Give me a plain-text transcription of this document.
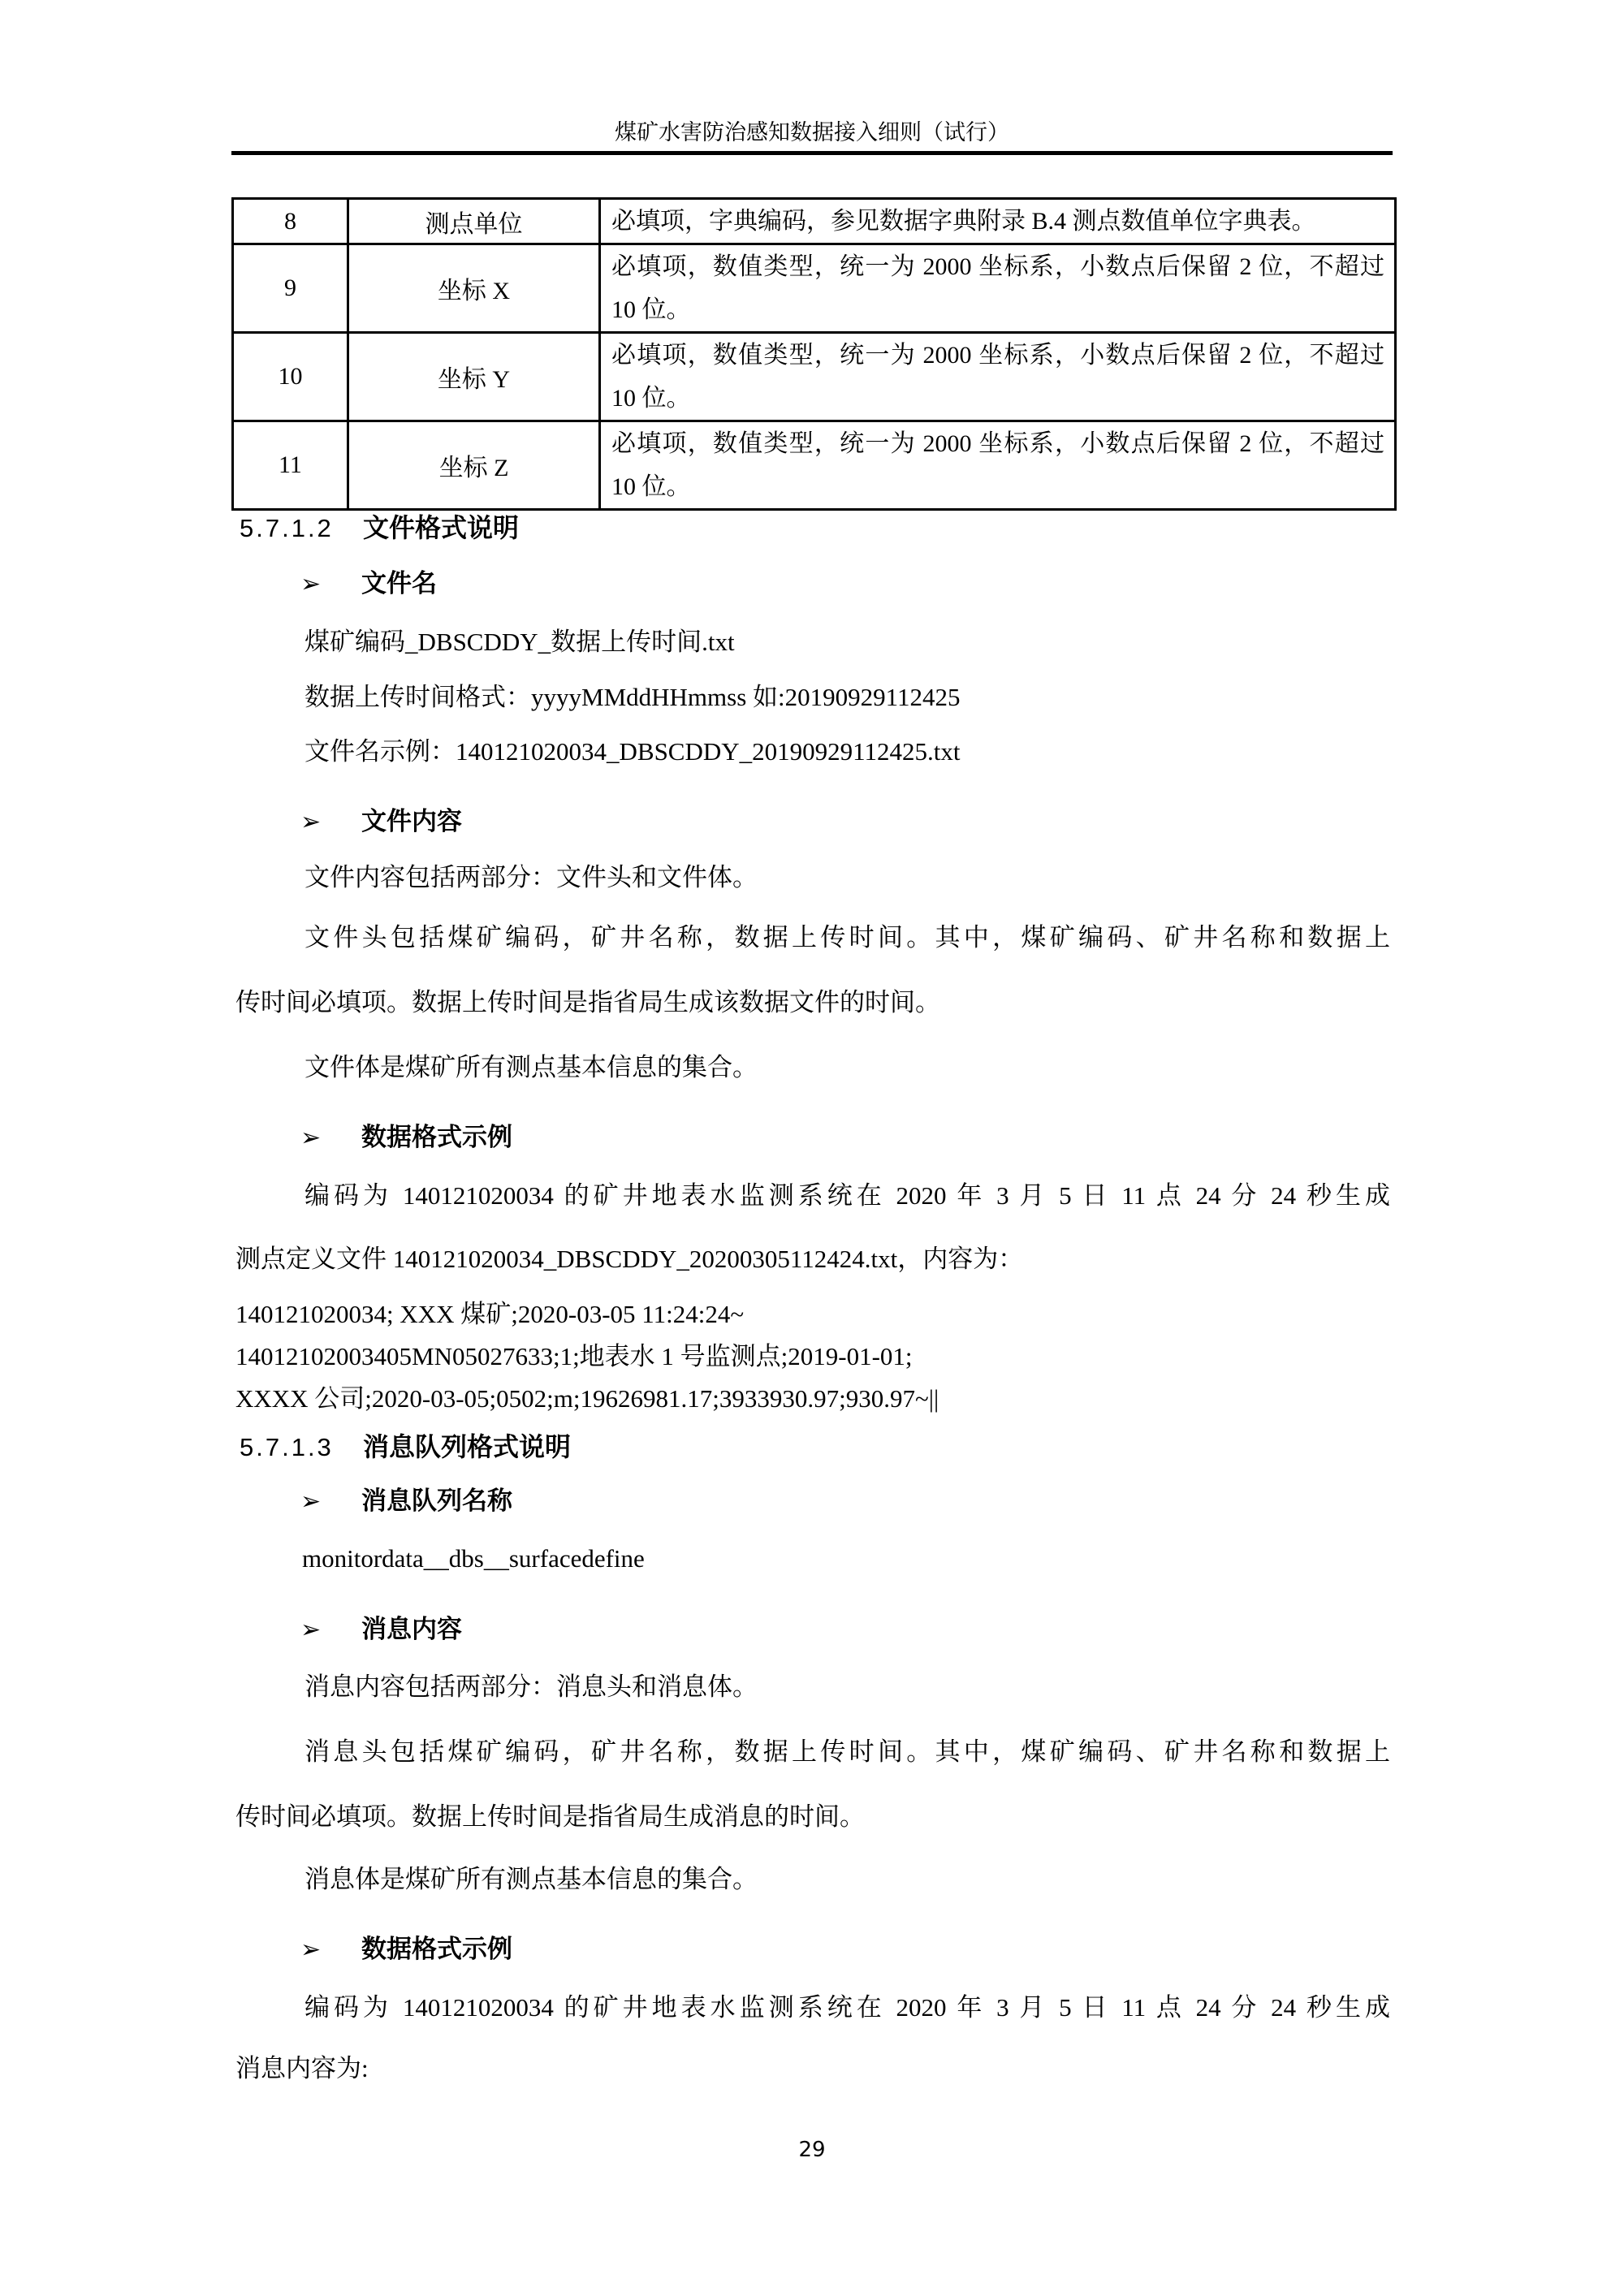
煤矿水害防治感知数据接入细则（试行）
8	测点单位	必填项，字典编码，参见数据字典附录 B.4 测点数值单位字典表。

9	坐标 X	必填项，数值类型，统一为 2000 坐标系，小数点后保留 2 位，不超过
10 位。

10	坐标 Y	必填项，数值类型，统一为 2000 坐标系，小数点后保留 2 位，不超过
10 位。

11	坐标 Z	必填项，数值类型，统一为 2000 坐标系，小数点后保留 2 位，不超过
10 位。
5.7.1.2 文件格式说明
➢ 文件名
煤矿编码_DBSCDDY_数据上传时间.txt
数据上传时间格式：yyyyMMddHHmmss 如:20190929112425
文件名示例：140121020034_DBSCDDY_20190929112425.txt
➢ 文件内容
文件内容包括两部分：文件头和文件体。
文件头包括煤矿编码，矿井名称，数据上传时间。其中，煤矿编码、矿井名称和数据上
传时间必填项。数据上传时间是指省局生成该数据文件的时间。
文件体是煤矿所有测点基本信息的集合。
➢ 数据格式示例
编码为 140121020034 的矿井地表水监测系统在 2020 年 3 月 5 日 11 点 24 分 24 秒生成
测点定义文件 140121020034_DBSCDDY_20200305112424.txt，内容为：
140121020034; XXX 煤矿;2020-03-05 11:24:24~
14012102003405MN05027633;1;地表水 1 号监测点;2019-01-01;
XXXX 公司;2020-03-05;0502;m;19626981.17;3933930.97;930.97~||
5.7.1.3 消息队列格式说明
➢ 消息队列名称
monitordata__dbs__surfacedefine
➢ 消息内容
消息内容包括两部分：消息头和消息体。
消息头包括煤矿编码，矿井名称，数据上传时间。其中，煤矿编码、矿井名称和数据上
传时间必填项。数据上传时间是指省局生成消息的时间。
消息体是煤矿所有测点基本信息的集合。
➢ 数据格式示例
编码为 140121020034 的矿井地表水监测系统在 2020 年 3 月 5 日 11 点 24 分 24 秒生成
消息内容为:
29
